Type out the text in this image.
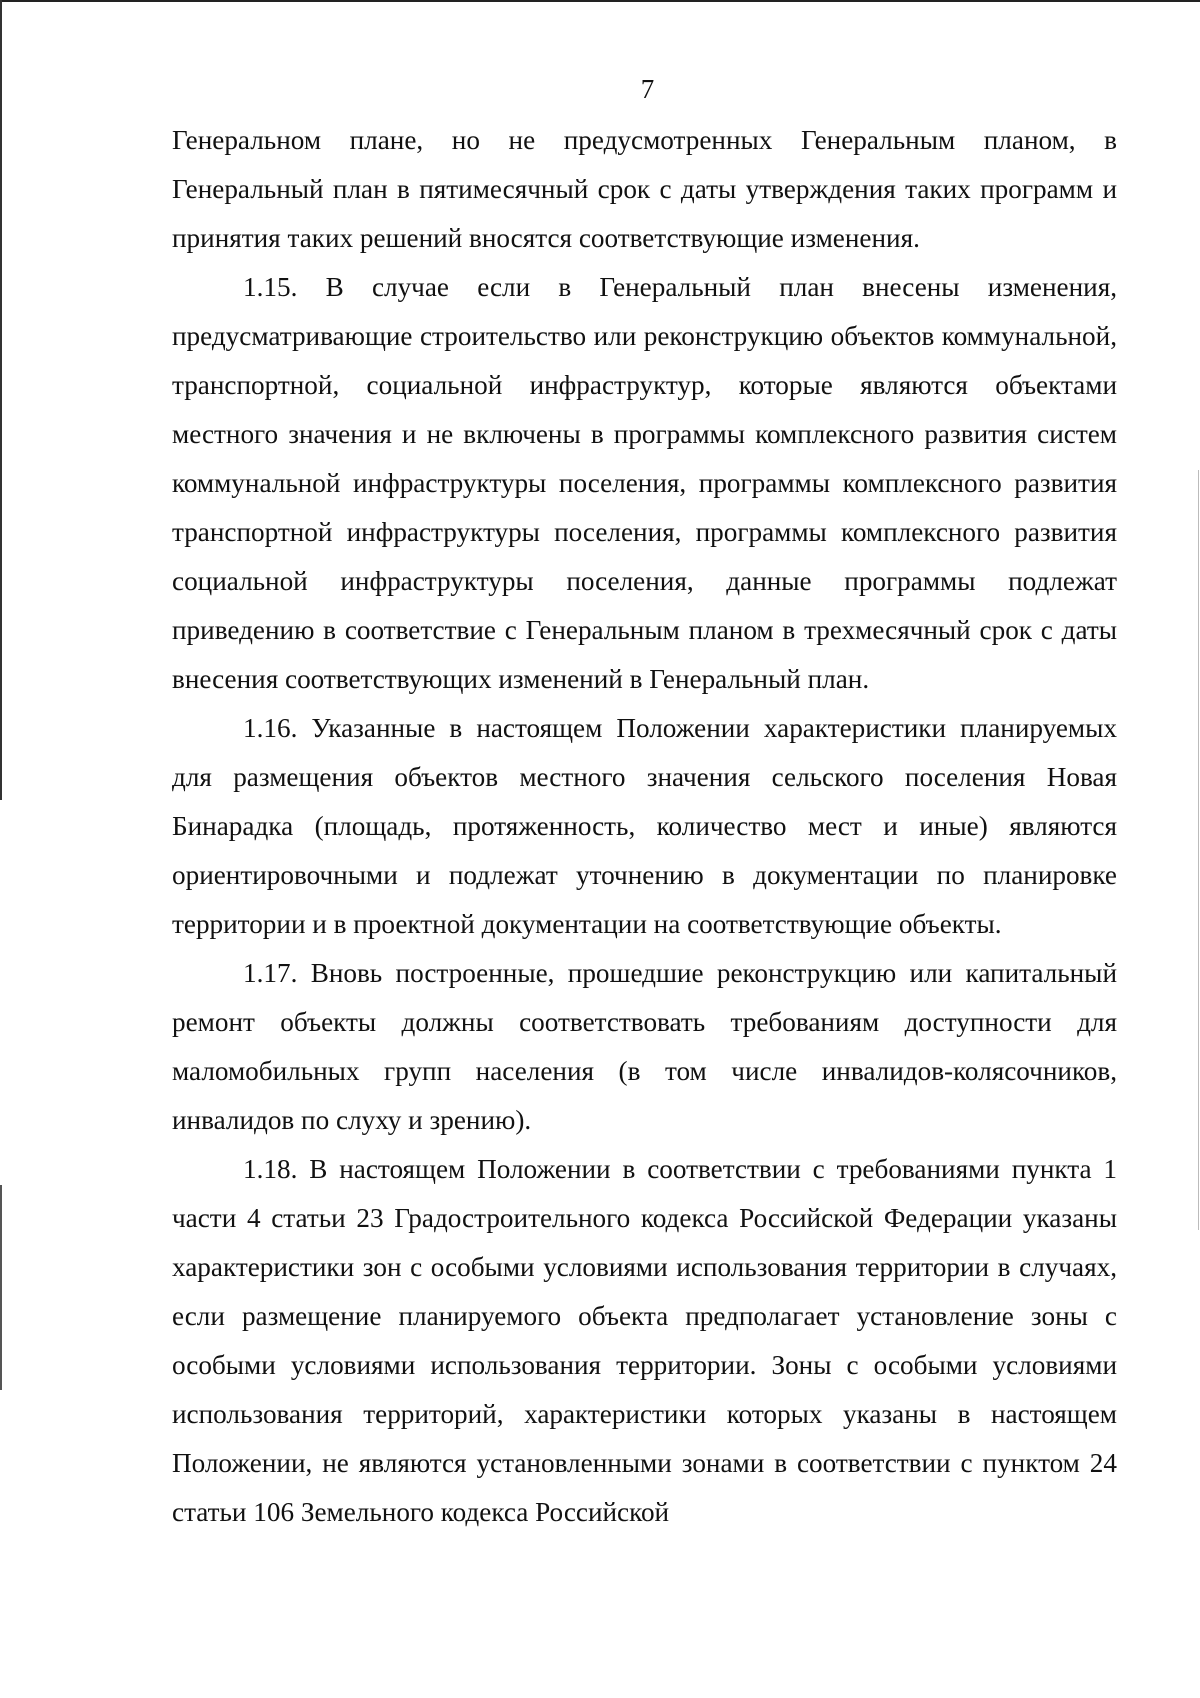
7

Генеральном плане, но не предусмотренных Генеральным планом, в Генеральный план в пятимесячный срок с даты утверждения таких программ и принятия таких решений вносятся соответствующие изменения.

1.15. В случае если в Генеральный план внесены изменения, предусматривающие строительство или реконструкцию объектов коммунальной, транспортной, социальной инфраструктур, которые являются объектами местного значения и не включены в программы комплексного развития систем коммунальной инфраструктуры поселения, программы комплексного развития транспортной инфраструктуры поселения, программы комплексного развития социальной инфраструктуры поселения, данные программы подлежат приведению в соответствие с Генеральным планом в трехмесячный срок с даты внесения соответствующих изменений в Генеральный план.

1.16. Указанные в настоящем Положении характеристики планируемых для размещения объектов местного значения сельского поселения Новая Бинарадка (площадь, протяженность, количество мест и иные) являются ориентировочными и подлежат уточнению в документации по планировке территории и в проектной документации на соответствующие объекты.

1.17. Вновь построенные, прошедшие реконструкцию или капитальный ремонт объекты должны соответствовать требованиям доступности для маломобильных групп населения (в том числе инвалидов-колясочников, инвалидов по слуху и зрению).

1.18. В настоящем Положении в соответствии с требованиями пункта 1 части 4 статьи 23 Градостроительного кодекса Российской Федерации указаны характеристики зон с особыми условиями использования территории в случаях, если размещение планируемого объекта предполагает установление зоны с особыми условиями использования территории. Зоны с особыми условиями использования территорий, характеристики которых указаны в настоящем Положении, не являются установленными зонами в соответствии с пунктом 24 статьи 106 Земельного кодекса Российской
